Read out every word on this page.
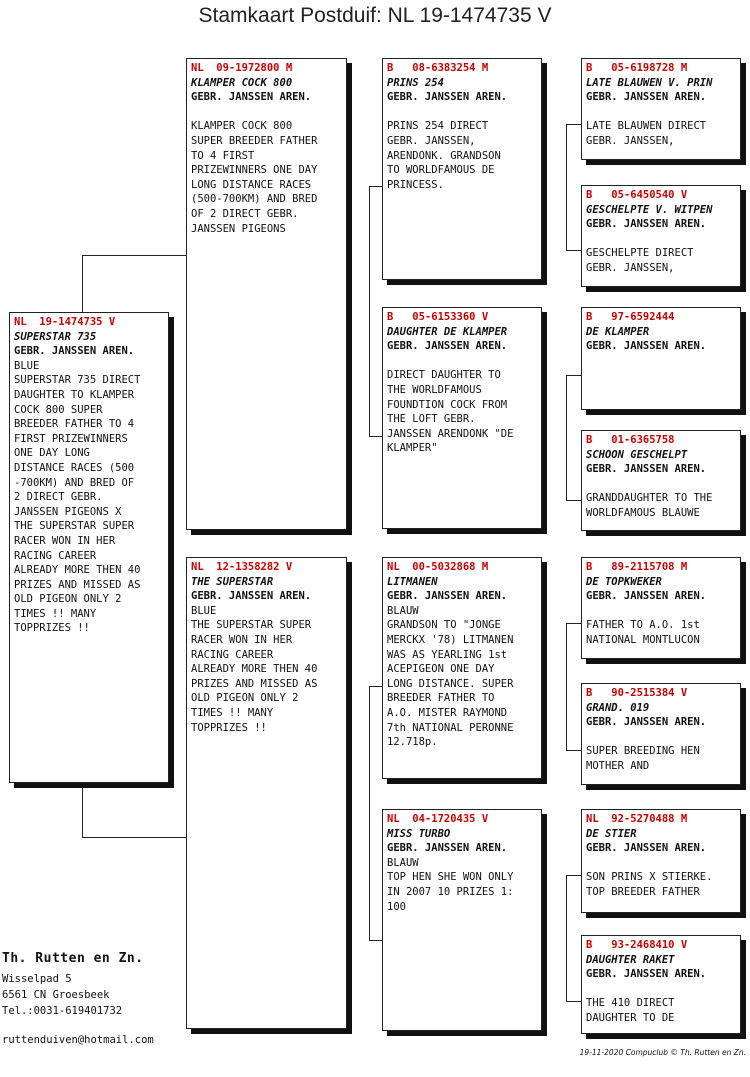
Stamkaart Postduif: NL 19-1474735 V
NL  19-1474735 V
SUPERSTAR 735
GEBR. JANSSEN AREN.
BLUE
SUPERSTAR 735 DIRECT
DAUGHTER TO KLAMPER
COCK 800 SUPER
BREEDER FATHER TO 4
FIRST PRIZEWINNERS
ONE DAY LONG
DISTANCE RACES (500
-700KM) AND BRED OF
2 DIRECT GEBR.
JANSSEN PIGEONS X
THE SUPERSTAR SUPER
RACER WON IN HER
RACING CAREER
ALREADY MORE THEN 40
PRIZES AND MISSED AS
OLD PIGEON ONLY 2
TIMES !! MANY
TOPPRIZES !!
NL  09-1972800 M
KLAMPER COCK 800
GEBR. JANSSEN AREN.
KLAMPER COCK 800
SUPER BREEDER FATHER
TO 4 FIRST
PRIZEWINNERS ONE DAY
LONG DISTANCE RACES
(500-700KM) AND BRED
OF 2 DIRECT GEBR.
JANSSEN PIGEONS
NL  12-1358282 V
THE SUPERSTAR
GEBR. JANSSEN AREN.
BLUE
THE SUPERSTAR SUPER
RACER WON IN HER
RACING CAREER
ALREADY MORE THEN 40
PRIZES AND MISSED AS
OLD PIGEON ONLY 2
TIMES !! MANY
TOPPRIZES !!
B   08-6383254 M
PRINS 254
GEBR. JANSSEN AREN.
PRINS 254 DIRECT
GEBR. JANSSEN,
ARENDONK. GRANDSON
TO WORLDFAMOUS DE
PRINCESS.
B   05-6153360 V
DAUGHTER DE KLAMPER
GEBR. JANSSEN AREN.
DIRECT DAUGHTER TO
THE WORLDFAMOUS
FOUNDTION COCK FROM
THE LOFT GEBR.
JANSSEN ARENDONK "DE
KLAMPER"
NL  00-5032868 M
LITMANEN
GEBR. JANSSEN AREN.
BLAUW
GRANDSON TO "JONGE
MERCKX '78) LITMANEN
WAS AS YEARLING 1st
ACEPIGEON ONE DAY
LONG DISTANCE. SUPER
BREEDER FATHER TO
A.O. MISTER RAYMOND
7th NATIONAL PERONNE
12.718p.
NL  04-1720435 V
MISS TURBO
GEBR. JANSSEN AREN.
BLAUW
TOP HEN SHE WON ONLY
IN 2007 10 PRIZES 1:
100
B   05-6198728 M
LATE BLAUWEN V. PRIN
GEBR. JANSSEN AREN.
LATE BLAUWEN DIRECT
GEBR. JANSSEN,
B   05-6450540 V
GESCHELPTE V. WITPEN
GEBR. JANSSEN AREN.
GESCHELPTE DIRECT
GEBR. JANSSEN,
B   97-6592444
DE KLAMPER
GEBR. JANSSEN AREN.
B   01-6365758
SCHOON GESCHELPT
GEBR. JANSSEN AREN.
GRANDDAUGHTER TO THE
WORLDFAMOUS BLAUWE
B   89-2115708 M
DE TOPKWEKER
GEBR. JANSSEN AREN.
FATHER TO A.O. 1st
NATIONAL MONTLUCON
B   90-2515384 V
GRAND. 019
GEBR. JANSSEN AREN.
SUPER BREEDING HEN
MOTHER AND
NL  92-5270488 M
DE STIER
GEBR. JANSSEN AREN.
SON PRINS X STIERKE.
TOP BREEDER FATHER
B   93-2468410 V
DAUGHTER RAKET
GEBR. JANSSEN AREN.
THE 410 DIRECT
DAUGHTER TO DE
Th. Rutten en Zn.
Wisselpad 5
6561 CN Groesbeek
Tel.:0031-619401732
ruttenduiven@hotmail.com
19-11-2020 Compuclub © Th. Rutten en Zn.
